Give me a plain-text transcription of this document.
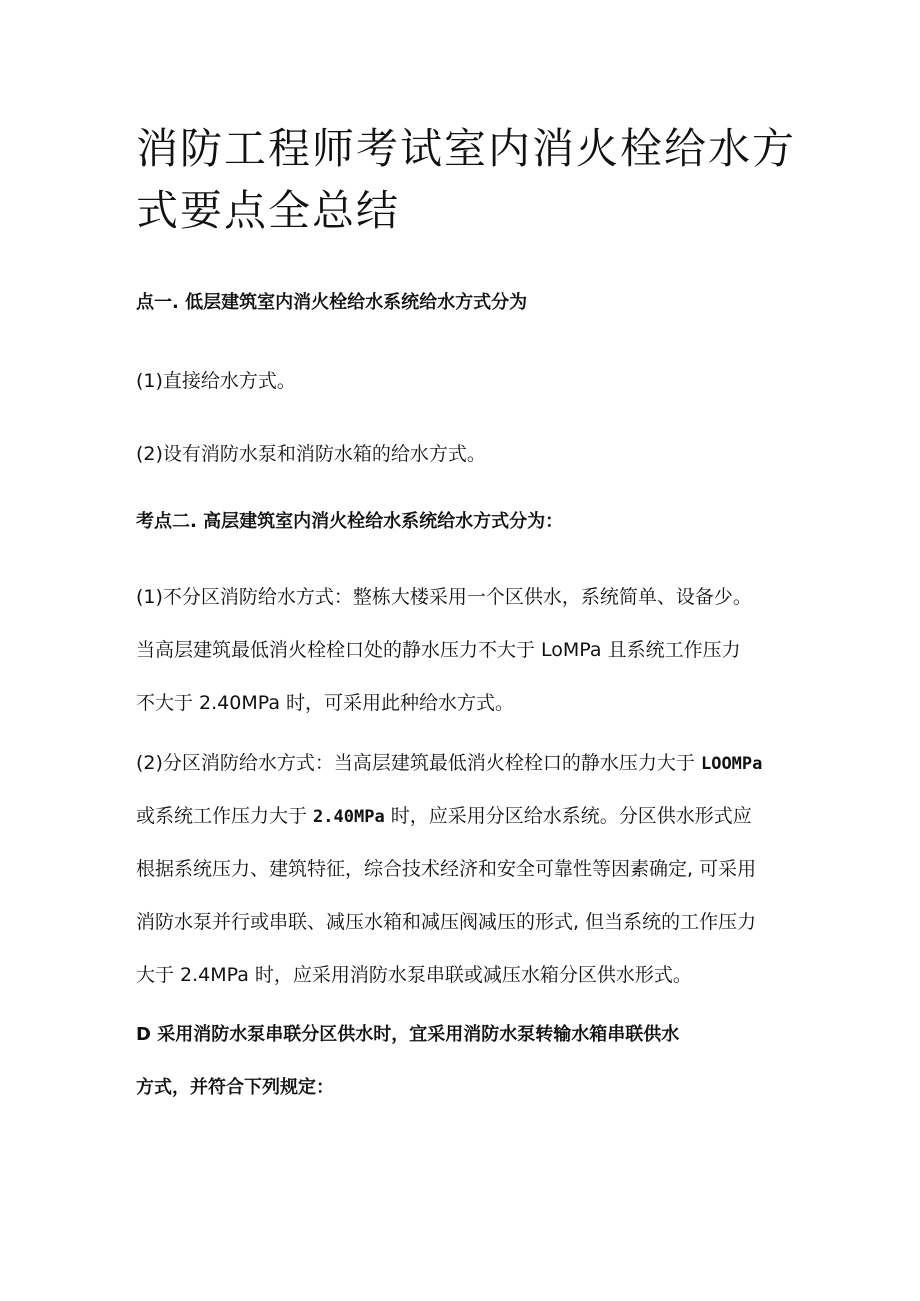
消防工程师考试室内消火栓给水方
式要点全总结

点一. 低层建筑室内消火栓给水系统给水方式分为

(1)直接给水方式。

(2)设有消防水泵和消防水箱的给水方式。

考点二. 高层建筑室内消火栓给水系统给水方式分为：

(1)不分区消防给水方式：整栋大楼采用一个区供水，系统简单、设备少。
当高层建筑最低消火栓栓口处的静水压力不大于 LoMPa 且系统工作压力
不大于 2.40MPa 时，可采用此种给水方式。
(2)分区消防给水方式：当高层建筑最低消火栓栓口的静水压力大于 LOOMPa
或系统工作压力大于 2.40MPa 时，应采用分区给水系统。分区供水形式应
根据系统压力、建筑特征，综合技术经济和安全可靠性等因素确定, 可采用
消防水泵并行或串联、减压水箱和减压阀减压的形式, 但当系统的工作压力
大于 2.4MPa 时，应采用消防水泵串联或减压水箱分区供水形式。

D 采用消防水泵串联分区供水时，宜采用消防水泵转输水箱串联供水

方式，并符合下列规定：
